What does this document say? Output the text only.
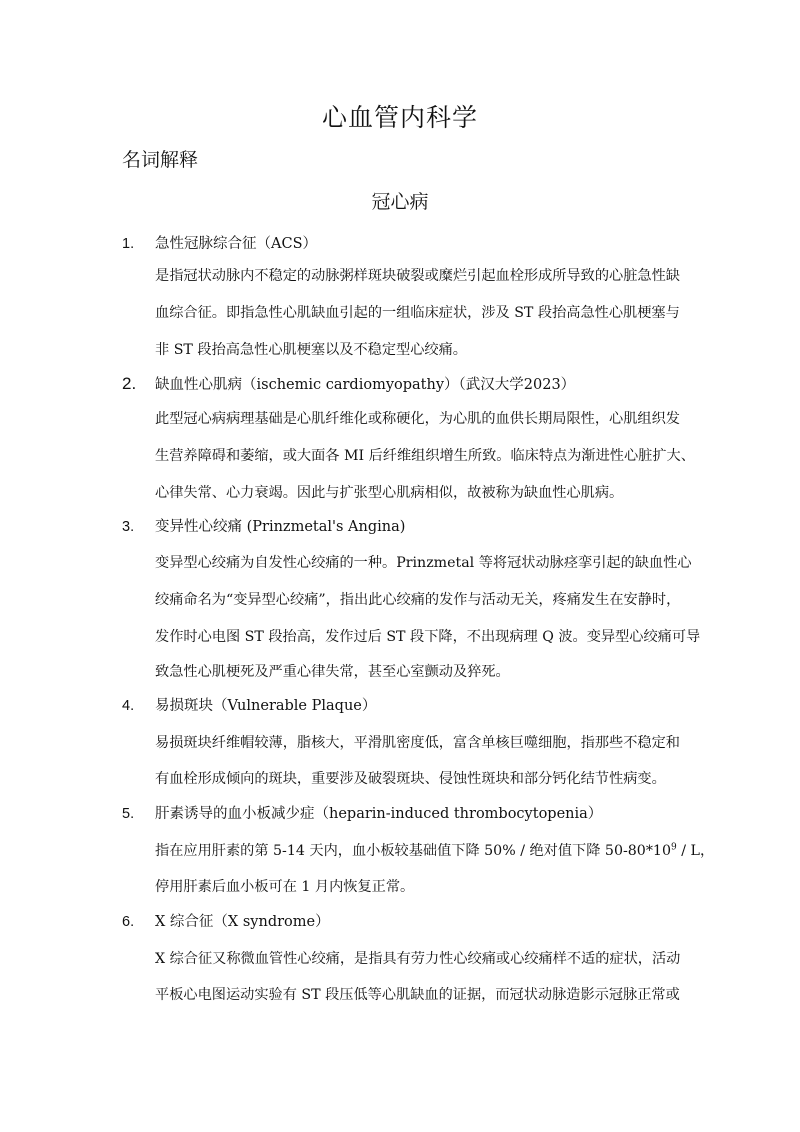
心血管内科学
名词解释
冠心病
1. 急性冠脉综合征（ACS）
是指冠状动脉内不稳定的动脉粥样斑块破裂或糜烂引起血栓形成所导致的心脏急性缺
血综合征。即指急性心肌缺血引起的一组临床症状，涉及 ST 段抬高急性心肌梗塞与
非 ST 段抬高急性心肌梗塞以及不稳定型心绞痛。
2. 缺血性心肌病（ischemic cardiomyopathy）（武汉大学2023）
此型冠心病病理基础是心肌纤维化或称硬化，为心肌的血供长期局限性，心肌组织发
生营养障碍和萎缩，或大面各 MI 后纤维组织增生所致。临床特点为渐进性心脏扩大、
心律失常、心力衰竭。因此与扩张型心肌病相似，故被称为缺血性心肌病。
3. 变异性心绞痛 (Prinzmetal's Angina)
变异型心绞痛为自发性心绞痛的一种。Prinzmetal 等将冠状动脉痉挛引起的缺血性心
绞痛命名为“变异型心绞痛”，指出此心绞痛的发作与活动无关，疼痛发生在安静时，
发作时心电图 ST 段抬高，发作过后 ST 段下降，不出现病理 Q 波。变异型心绞痛可导
致急性心肌梗死及严重心律失常，甚至心室颤动及猝死。
4. 易损斑块（Vulnerable Plaque）
易损斑块纤维帽较薄，脂核大，平滑肌密度低，富含单核巨噬细胞，指那些不稳定和
有血栓形成倾向的斑块，重要涉及破裂斑块、侵蚀性斑块和部分钙化结节性病变。
5. 肝素诱导的血小板减少症（heparin-induced thrombocytopenia）
指在应用肝素的第 5-14 天内，血小板较基础值下降 50% / 绝对值下降 $50-80*10^9$ / L，
停用肝素后血小板可在 1 月内恢复正常。
6. X 综合征（X syndrome）
X 综合征又称微血管性心绞痛，是指具有劳力性心绞痛或心绞痛样不适的症状，活动
平板心电图运动实验有 ST 段压低等心肌缺血的证据，而冠状动脉造影示冠脉正常或
